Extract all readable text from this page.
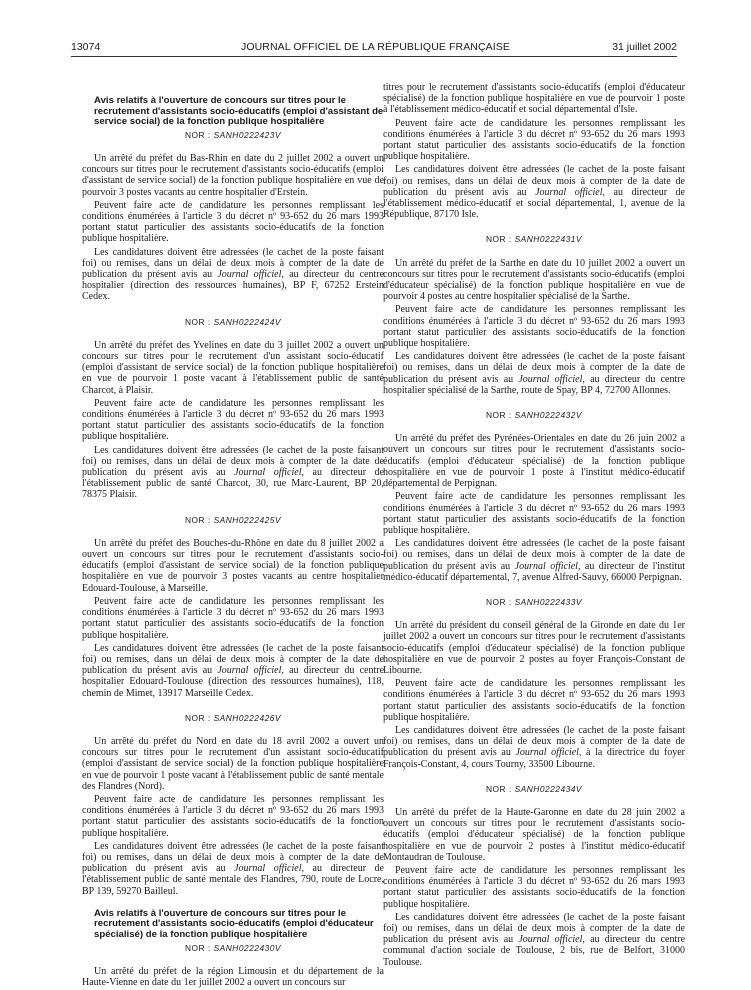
13074	JOURNAL OFFICIEL DE LA RÉPUBLIQUE FRANÇAISE	31 juillet 2002
Avis relatifs à l'ouverture de concours sur titres pour le recrutement d'assistants socio-éducatifs (emploi d'assistant de service social) de la fonction publique hospitalière
NOR : SANH0222423V

Un arrêté du préfet du Bas-Rhin en date du 2 juillet 2002 a ouvert un concours sur titres pour le recrutement d'assistants socio-éducatifs (emploi d'assistant de service social) de la fonction publique hospitalière en vue de pourvoir 3 postes vacants au centre hospitalier d'Erstein.

Peuvent faire acte de candidature les personnes remplissant les conditions énumérées à l'article 3 du décret nº 93-652 du 26 mars 1993 portant statut particulier des assistants socio-éducatifs de la fonction publique hospitalière.

Les candidatures doivent être adressées (le cachet de la poste faisant foi) ou remises, dans un délai de deux mois à compter de la date de publication du présent avis au Journal officiel, au directeur du centre hospitalier (direction des ressources humaines), BP F, 67252 Erstein Cedex.

NOR : SANH0222424V

Un arrêté du préfet des Yvelines en date du 3 juillet 2002 a ouvert un concours sur titres pour le recrutement d'un assistant socio-éducatif (emploi d'assistant de service social) de la fonction publique hospitalière en vue de pourvoir 1 poste vacant à l'établissement public de santé Charcot, à Plaisir.

Peuvent faire acte de candidature les personnes remplissant les conditions énumérées à l'article 3 du décret nº 93-652 du 26 mars 1993 portant statut particulier des assistants socio-éducatifs de la fonction publique hospitalière.

Les candidatures doivent être adressées (le cachet de la poste faisant foi) ou remises, dans un délai de deux mois à compter de la date de publication du présent avis au Journal officiel, au directeur de l'établissement public de santé Charcot, 30, rue Marc-Laurent, BP 20, 78375 Plaisir.

NOR : SANH0222425V

Un arrêté du préfet des Bouches-du-Rhône en date du 8 juillet 2002 a ouvert un concours sur titres pour le recrutement d'assistants socio-éducatifs (emploi d'assistant de service social) de la fonction publique hospitalière en vue de pourvoir 3 postes vacants au centre hospitalier Edouard-Toulouse, à Marseille.

Peuvent faire acte de candidature les personnes remplissant les conditions énumérées à l'article 3 du décret nº 93-652 du 26 mars 1993 portant statut particulier des assistants socio-éducatifs de la fonction publique hospitalière.

Les candidatures doivent être adressées (le cachet de la poste faisant foi) ou remises, dans un délai de deux mois à compter de la date de publication du présent avis au Journal officiel, au directeur du centre hospitalier Edouard-Toulouse (direction des ressources humaines), 118, chemin de Mimet, 13917 Marseille Cedex.

NOR : SANH0222426V

Un arrêté du préfet du Nord en date du 18 avril 2002 a ouvert un concours sur titres pour le recrutement d'un assistant socio-éducatif (emploi d'assistant de service social) de la fonction publique hospitalière en vue de pourvoir 1 poste vacant à l'établissement public de santé mentale des Flandres (Nord).

Peuvent faire acte de candidature les personnes remplissant les conditions énumérées à l'article 3 du décret nº 93-652 du 26 mars 1993 portant statut particulier des assistants socio-éducatifs de la fonction publique hospitalière.

Les candidatures doivent être adressées (le cachet de la poste faisant foi) ou remises, dans un délai de deux mois à compter de la date de publication du présent avis au Journal officiel, au directeur de l'établissement public de santé mentale des Flandres, 790, route de Locre, BP 139, 59270 Bailleul.

Avis relatifs à l'ouverture de concours sur titres pour le recrutement d'assistants socio-éducatifs (emploi d'éducateur spécialisé) de la fonction publique hospitalière
NOR : SANH0222430V

Un arrêté du préfet de la région Limousin et du département de la Haute-Vienne en date du 1er juillet 2002 a ouvert un concours sur

titres pour le recrutement d'assistants socio-éducatifs (emploi d'éducateur spécialisé) de la fonction publique hospitalière en vue de pourvoir 1 poste à l'établissement médico-éducatif et social départemental d'Isle.

Peuvent faire acte de candidature les personnes remplissant les conditions énumérées à l'article 3 du décret nº 93-652 du 26 mars 1993 portant statut particulier des assistants socio-éducatifs de la fonction publique hospitalière.

Les candidatures doivent être adressées (le cachet de la poste faisant foi) ou remises, dans un délai de deux mois à compter de la date de publication du présent avis au Journal officiel, au directeur de l'établissement médico-éducatif et social départemental, 1, avenue de la République, 87170 Isle.

NOR : SANH0222431V

Un arrêté du préfet de la Sarthe en date du 10 juillet 2002 a ouvert un concours sur titres pour le recrutement d'assistants socio-éducatifs (emploi d'éducateur spécialisé) de la fonction publique hospitalière en vue de pourvoir 4 postes au centre hospitalier spécialisé de la Sarthe.

Peuvent faire acte de candidature les personnes remplissant les conditions énumérées à l'article 3 du décret nº 93-652 du 26 mars 1993 portant statut particulier des assistants socio-éducatifs de la fonction publique hospitalière.

Les candidatures doivent être adressées (le cachet de la poste faisant foi) ou remises, dans un délai de deux mois à compter de la date de publication du présent avis au Journal officiel, au directeur du centre hospitalier spécialisé de la Sarthe, route de Spay, BP 4, 72700 Allonnes.

NOR : SANH0222432V

Un arrêté du préfet des Pyrénées-Orientales en date du 26 juin 2002 a ouvert un concours sur titres pour le recrutement d'assistants socio-éducatifs (emploi d'éducateur spécialisé) de la fonction publique hospitalière en vue de pourvoir 1 poste à l'institut médico-éducatif départemental de Perpignan.

Peuvent faire acte de candidature les personnes remplissant les conditions énumérées à l'article 3 du décret nº 93-652 du 26 mars 1993 portant statut particulier des assistants socio-éducatifs de la fonction publique hospitalière.

Les candidatures doivent être adressées (le cachet de la poste faisant foi) ou remises, dans un délai de deux mois à compter de la date de publication du présent avis au Journal officiel, au directeur de l'institut médico-éducatif départemental, 7, avenue Alfred-Sauvy, 66000 Perpignan.

NOR : SANH0222433V

Un arrêté du président du conseil général de la Gironde en date du 1er juillet 2002 a ouvert un concours sur titres pour le recrutement d'assistants socio-éducatifs (emploi d'éducateur spécialisé) de la fonction publique hospitalière en vue de pourvoir 2 postes au foyer François-Constant de Libourne.

Peuvent faire acte de candidature les personnes remplissant les conditions énumérées à l'article 3 du décret nº 93-652 du 26 mars 1993 portant statut particulier des assistants socio-éducatifs de la fonction publique hospitalière.

Les candidatures doivent être adressées (le cachet de la poste faisant foi) ou remises, dans un délai de deux mois à compter de la date de publication du présent avis au Journal officiel, à la directrice du foyer François-Constant, 4, cours Tourny, 33500 Libourne.

NOR : SANH0222434V

Un arrêté du préfet de la Haute-Garonne en date du 28 juin 2002 a ouvert un concours sur titres pour le recrutement d'assistants socio-éducatifs (emploi d'éducateur spécialisé) de la fonction publique hospitalière en vue de pourvoir 2 postes à l'institut médico-éducatif Montaudran de Toulouse.

Peuvent faire acte de candidature les personnes remplissant les conditions énumérées à l'article 3 du décret nº 93-652 du 26 mars 1993 portant statut particulier des assistants socio-éducatifs de la fonction publique hospitalière.

Les candidatures doivent être adressées (le cachet de la poste faisant foi) ou remises, dans un délai de deux mois à compter de la date de publication du présent avis au Journal officiel, au directeur du centre communal d'action sociale de Toulouse, 2 bis, rue de Belfort, 31000 Toulouse.
